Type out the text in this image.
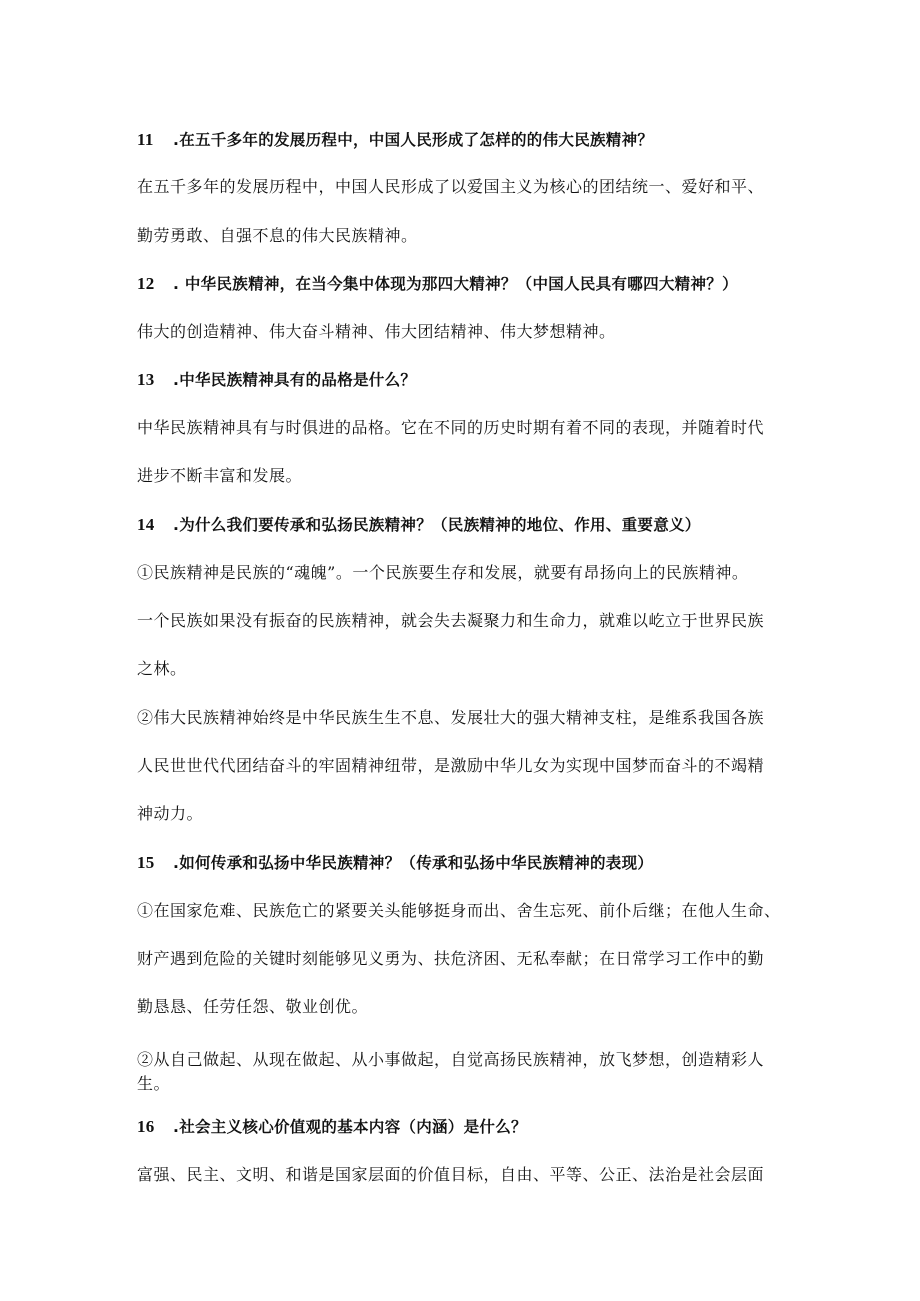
11 .在五千多年的发展历程中，中国人民形成了怎样的的伟大民族精神？
在五千多年的发展历程中，中国人民形成了以爱国主义为核心的团结统一、爱好和平、
勤劳勇敢、自强不息的伟大民族精神。
12 . 中华民族精神，在当今集中体现为那四大精神？（中国人民具有哪四大精神？）
伟大的创造精神、伟大奋斗精神、伟大团结精神、伟大梦想精神。
13 .中华民族精神具有的品格是什么？
中华民族精神具有与时俱进的品格。它在不同的历史时期有着不同的表现，并随着时代
进步不断丰富和发展。
14 .为什么我们要传承和弘扬民族精神？（民族精神的地位、作用、重要意义）
①民族精神是民族的“魂魄”。一个民族要生存和发展，就要有昂扬向上的民族精神。
一个民族如果没有振奋的民族精神，就会失去凝聚力和生命力，就难以屹立于世界民族
之林。
②伟大民族精神始终是中华民族生生不息、发展壮大的强大精神支柱，是维系我国各族
人民世世代代团结奋斗的牢固精神纽带，是激励中华儿女为实现中国梦而奋斗的不竭精
神动力。
15 .如何传承和弘扬中华民族精神？（传承和弘扬中华民族精神的表现）
①在国家危难、民族危亡的紧要关头能够挺身而出、舍生忘死、前仆后继；在他人生命、
财产遇到危险的关键时刻能够见义勇为、扶危济困、无私奉献；在日常学习工作中的勤
勤恳恳、任劳任怨、敬业创优。
②从自己做起、从现在做起、从小事做起，自觉高扬民族精神，放飞梦想，创造精彩人
生。
16 .社会主义核心价值观的基本内容（内涵）是什么？
富强、民主、文明、和谐是国家层面的价值目标，自由、平等、公正、法治是社会层面
